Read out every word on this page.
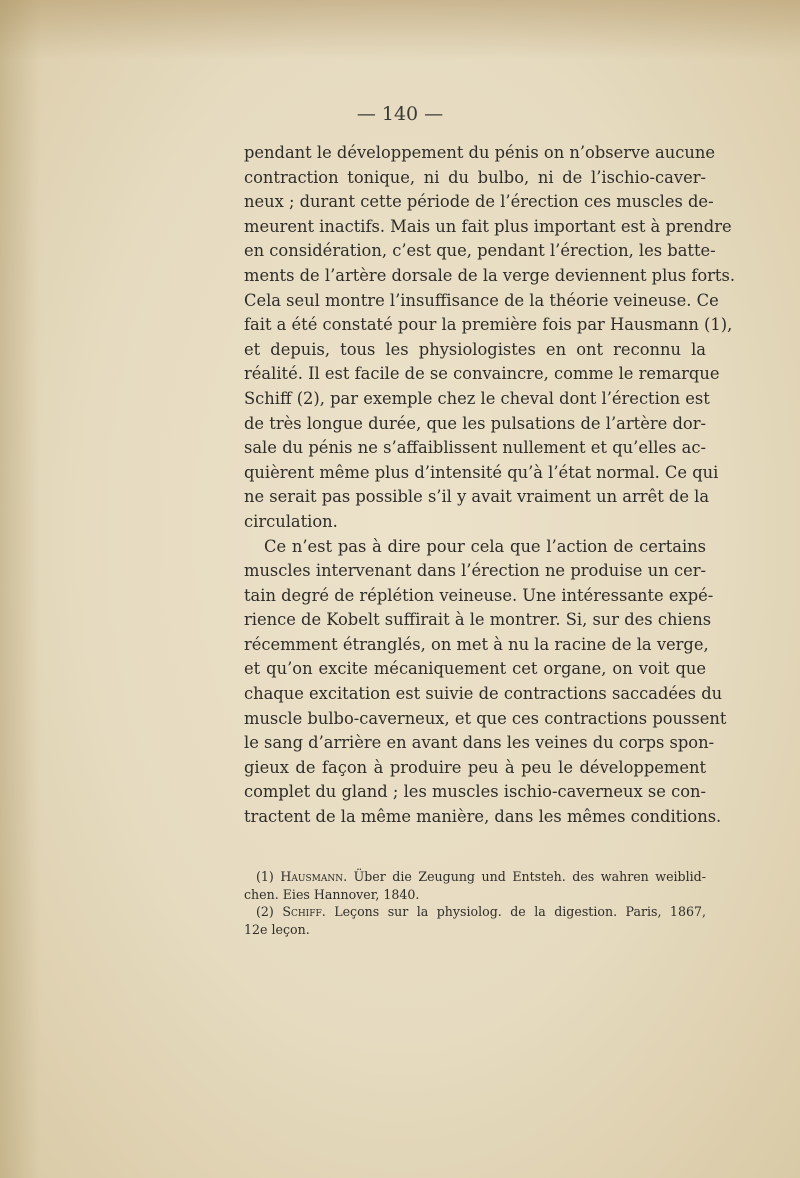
— 140 —
pendant le développement du pénis on n’observe aucune
contraction tonique, ni du bulbo, ni de l’ischio-caver-
neux ; durant cette période de l’érection ces muscles de-
meurent inactifs. Mais un fait plus important est à prendre
en considération, c’est que, pendant l’érection, les batte-
ments de l’artère dorsale de la verge deviennent plus forts.
Cela seul montre l’insuffisance de la théorie veineuse. Ce
fait a été constaté pour la première fois par Hausmann (1),
et depuis, tous les physiologistes en ont reconnu la
réalité. Il est facile de se convaincre, comme le remarque
Schiff (2), par exemple chez le cheval dont l’érection est
de très longue durée, que les pulsations de l’artère dor-
sale du pénis ne s’affaiblissent nullement et qu’elles ac-
quièrent même plus d’intensité qu’à l’état normal. Ce qui
ne serait pas possible s’il y avait vraiment un arrêt de la
circulation.
Ce n’est pas à dire pour cela que l’action de certains
muscles intervenant dans l’érection ne produise un cer-
tain degré de réplétion veineuse. Une intéressante expé-
rience de Kobelt suffirait à le montrer. Si, sur des chiens
récemment étranglés, on met à nu la racine de la verge,
et qu’on excite mécaniquement cet organe, on voit que
chaque excitation est suivie de contractions saccadées du
muscle bulbo-caverneux, et que ces contractions poussent
le sang d’arrière en avant dans les veines du corps spon-
gieux de façon à produire peu à peu le développement
complet du gland ; les muscles ischio-caverneux se con-
tractent de la même manière, dans les mêmes conditions.
(1) Hausmann. Über die Zeugung und Entsteh. des wahren weiblid-
chen. Eies Hannover, 1840.
(2) Schiff. Leçons sur la physiolog. de la digestion. Paris, 1867,
12e leçon.
